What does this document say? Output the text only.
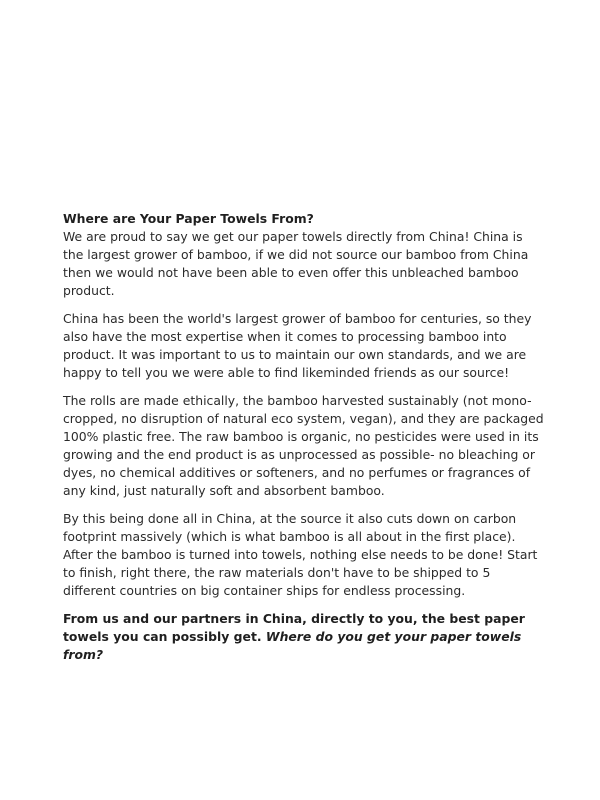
Where are Your Paper Towels From?

We are proud to say we get our paper towels directly from China! China is the largest grower of bamboo, if we did not source our bamboo from China then we would not have been able to even offer this unbleached bamboo product.

China has been the world's largest grower of bamboo for centuries, so they also have the most expertise when it comes to processing bamboo into product. It was important to us to maintain our own standards, and we are happy to tell you we were able to find likeminded friends as our source!

The rolls are made ethically, the bamboo harvested sustainably (not mono-cropped, no disruption of natural eco system, vegan), and they are packaged 100% plastic free. The raw bamboo is organic, no pesticides were used in its growing and the end product is as unprocessed as possible- no bleaching or dyes, no chemical additives or softeners, and no perfumes or fragrances of any kind, just naturally soft and absorbent bamboo.

By this being done all in China, at the source it also cuts down on carbon footprint massively (which is what bamboo is all about in the first place). After the bamboo is turned into towels, nothing else needs to be done! Start to finish, right there, the raw materials don't have to be shipped to 5 different countries on big container ships for endless processing.

From us and our partners in China, directly to you, the best paper towels you can possibly get. Where do you get your paper towels from?
